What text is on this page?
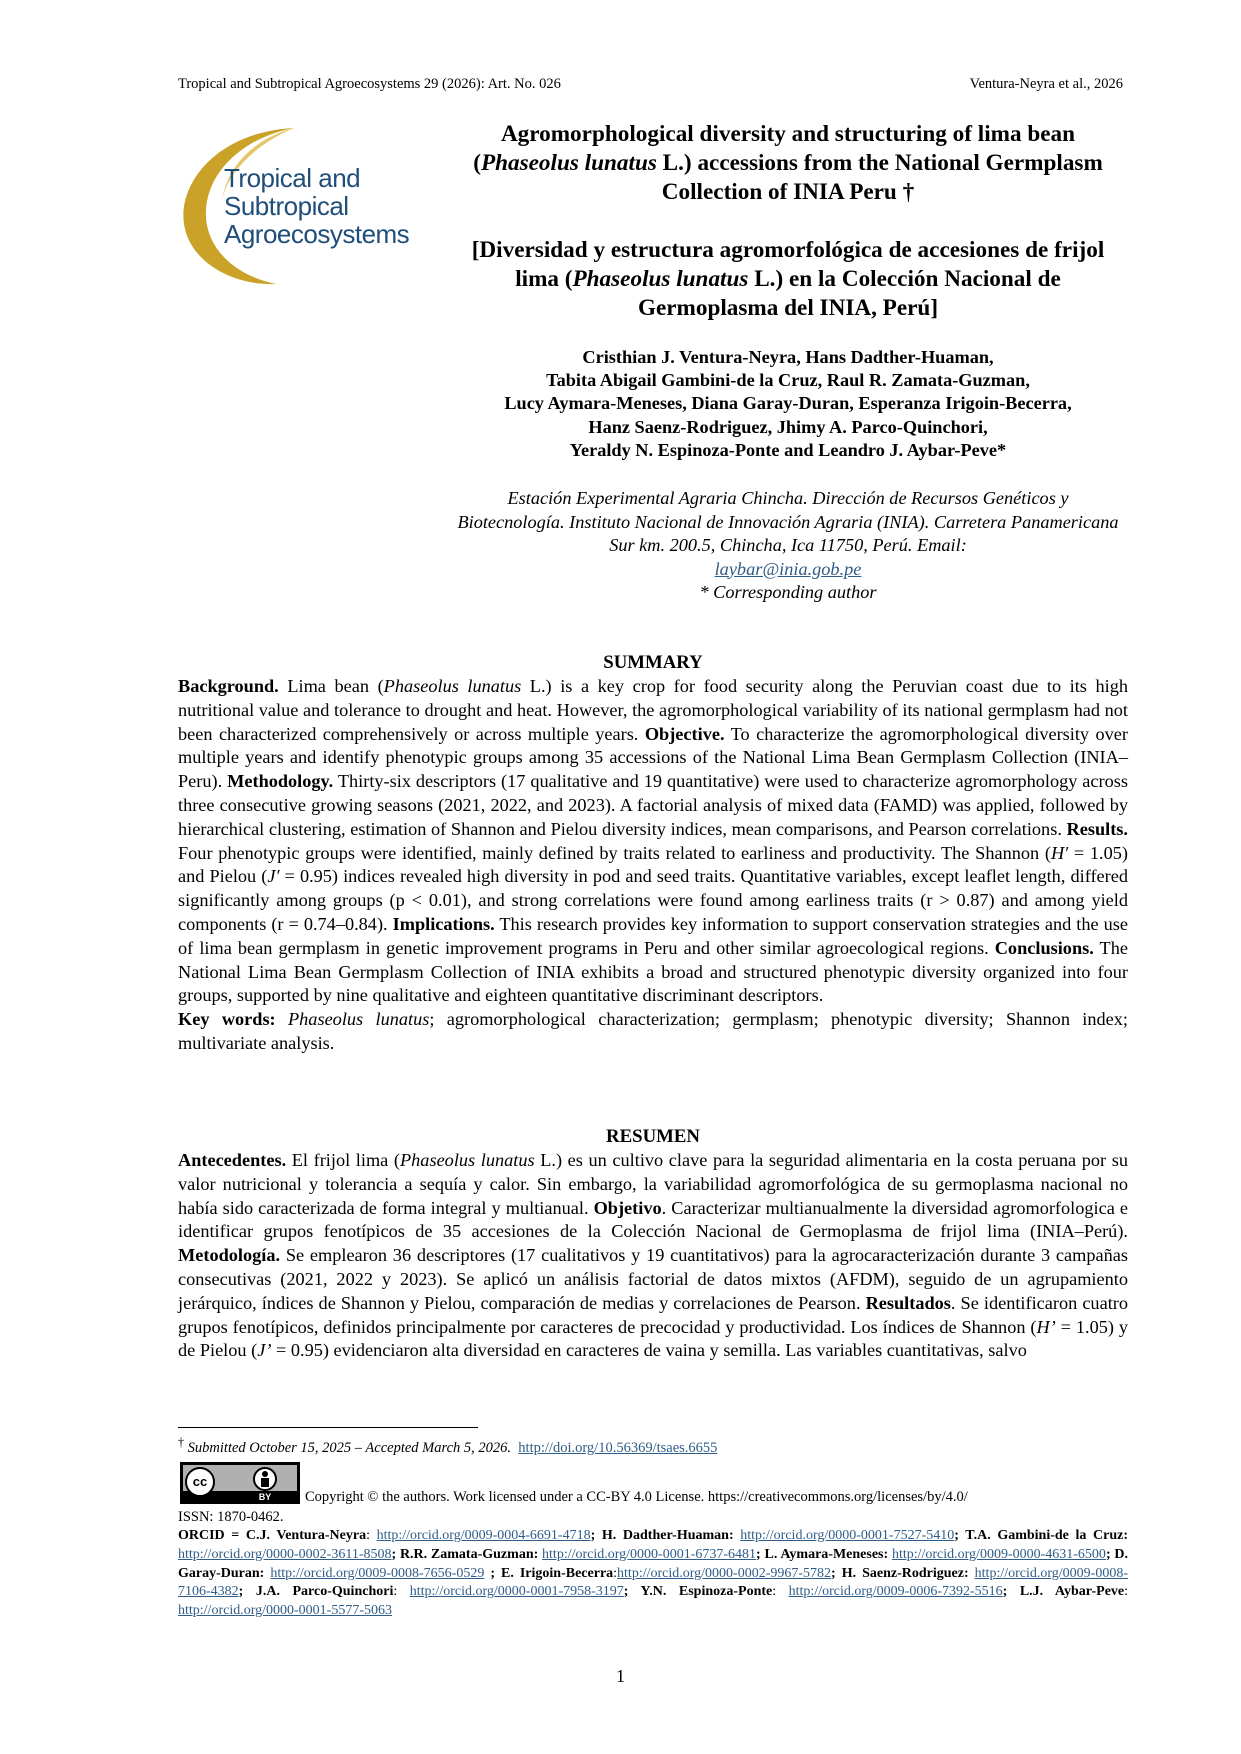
Tropical and Subtropical Agroecosystems 29 (2026): Art. No. 026	Ventura-Neyra et al., 2026
Tropical and
Subtropical
Agroecosystems
Agromorphological diversity and structuring of lima bean (Phaseolus lunatus L.) accessions from the National Germplasm Collection of INIA Peru †
[Diversidad y estructura agromorfológica de accesiones de frijol lima (Phaseolus lunatus L.) en la Colección Nacional de Germoplasma del INIA, Perú]
Cristhian J. Ventura-Neyra, Hans Dadther-Huaman,
Tabita Abigail Gambini-de la Cruz, Raul R. Zamata-Guzman,
Lucy Aymara-Meneses, Diana Garay-Duran, Esperanza Irigoin-Becerra,
Hanz Saenz-Rodriguez, Jhimy A. Parco-Quinchori,
Yeraldy N. Espinoza-Ponte and Leandro J. Aybar-Peve*
Estación Experimental Agraria Chincha. Dirección de Recursos Genéticos y Biotecnología. Instituto Nacional de Innovación Agraria (INIA). Carretera Panamericana Sur km. 200.5, Chincha, Ica 11750, Perú. Email:
laybar@inia.gob.pe
* Corresponding author
SUMMARY
Background. Lima bean (Phaseolus lunatus L.) is a key crop for food security along the Peruvian coast due to its high nutritional value and tolerance to drought and heat. However, the agromorphological variability of its national germplasm had not been characterized comprehensively or across multiple years. Objective. To characterize the agromorphological diversity over multiple years and identify phenotypic groups among 35 accessions of the National Lima Bean Germplasm Collection (INIA–Peru). Methodology. Thirty-six descriptors (17 qualitative and 19 quantitative) were used to characterize agromorphology across three consecutive growing seasons (2021, 2022, and 2023). A factorial analysis of mixed data (FAMD) was applied, followed by hierarchical clustering, estimation of Shannon and Pielou diversity indices, mean comparisons, and Pearson correlations. Results. Four phenotypic groups were identified, mainly defined by traits related to earliness and productivity. The Shannon (H′ = 1.05) and Pielou (J′ = 0.95) indices revealed high diversity in pod and seed traits. Quantitative variables, except leaflet length, differed significantly among groups (p < 0.01), and strong correlations were found among earliness traits (r > 0.87) and among yield components (r = 0.74–0.84). Implications. This research provides key information to support conservation strategies and the use of lima bean germplasm in genetic improvement programs in Peru and other similar agroecological regions. Conclusions. The National Lima Bean Germplasm Collection of INIA exhibits a broad and structured phenotypic diversity organized into four groups, supported by nine qualitative and eighteen quantitative discriminant descriptors.
Key words: Phaseolus lunatus; agromorphological characterization; germplasm; phenotypic diversity; Shannon index; multivariate analysis.
RESUMEN
Antecedentes. El frijol lima (Phaseolus lunatus L.) es un cultivo clave para la seguridad alimentaria en la costa peruana por su valor nutricional y tolerancia a sequía y calor. Sin embargo, la variabilidad agromorfológica de su germoplasma nacional no había sido caracterizada de forma integral y multianual. Objetivo. Caracterizar multianualmente la diversidad agromorfologica e identificar grupos fenotípicos de 35 accesiones de la Colección Nacional de Germoplasma de frijol lima (INIA–Perú). Metodología. Se emplearon 36 descriptores (17 cualitativos y 19 cuantitativos) para la agrocaracterización durante 3 campañas consecutivas (2021, 2022 y 2023). Se aplicó un análisis factorial de datos mixtos (AFDM), seguido de un agrupamiento jerárquico, índices de Shannon y Pielou, comparación de medias y correlaciones de Pearson. Resultados. Se identificaron cuatro grupos fenotípicos, definidos principalmente por caracteres de precocidad y productividad. Los índices de Shannon (H’ = 1.05) y de Pielou (J’ = 0.95) evidenciaron alta diversidad en caracteres de vaina y semilla. Las variables cuantitativas, salvo
† Submitted October 15, 2025 – Accepted March 5, 2026. http://doi.org/10.56369/tsaes.6655
cc
BY	Copyright © the authors. Work licensed under a CC-BY 4.0 License. https://creativecommons.org/licenses/by/4.0/
ISSN: 1870-0462.
ORCID = C.J. Ventura-Neyra: http://orcid.org/0009-0004-6691-4718; H. Dadther-Huaman: http://orcid.org/0000-0001-7527-5410; T.A. Gambini-de la Cruz: http://orcid.org/0000-0002-3611-8508; R.R. Zamata-Guzman: http://orcid.org/0000-0001-6737-6481; L. Aymara-Meneses: http://orcid.org/0009-0000-4631-6500; D. Garay-Duran: http://orcid.org/0009-0008-7656-0529 ; E. Irigoin-Becerra:http://orcid.org/0000-0002-9967-5782; H. Saenz-Rodriguez: http://orcid.org/0009-0008-7106-4382; J.A. Parco-Quinchori: http://orcid.org/0000-0001-7958-3197; Y.N. Espinoza-Ponte: http://orcid.org/0009-0006-7392-5516; L.J. Aybar-Peve: http://orcid.org/0000-0001-5577-5063
1
